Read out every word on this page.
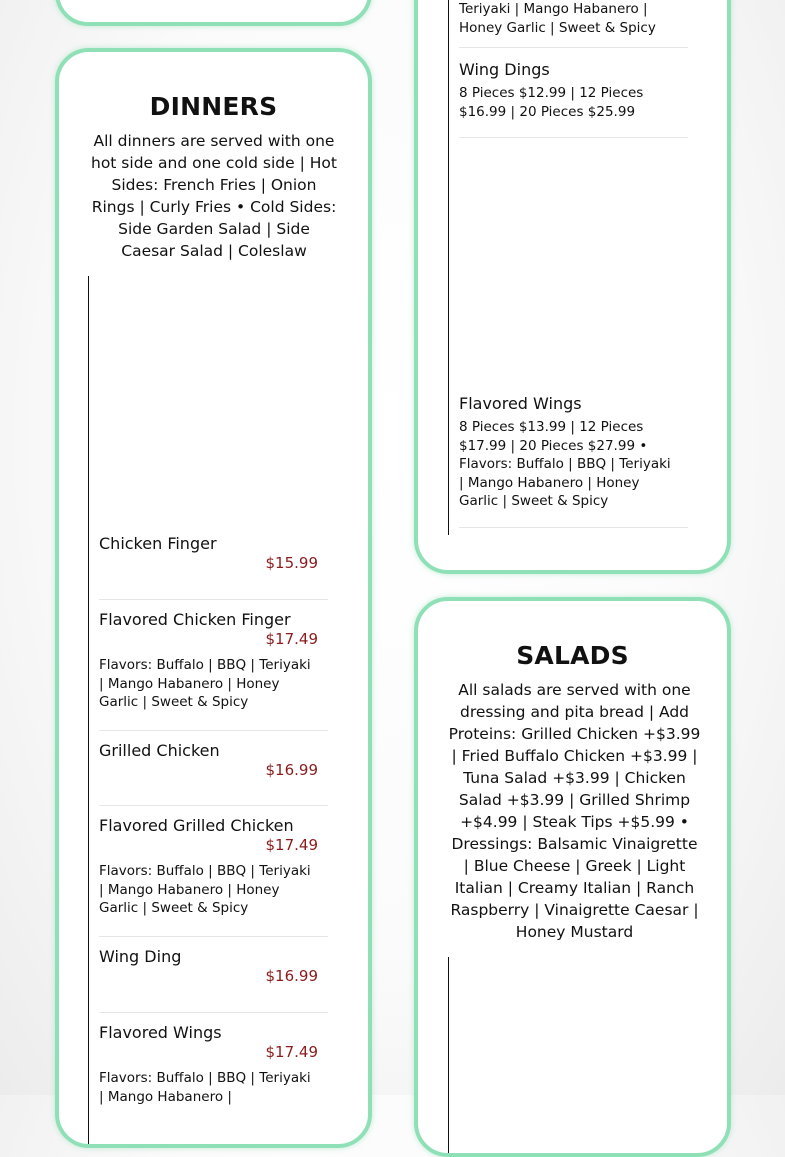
DINNERS

All dinners are served with one hot side and one cold side | Hot Sides: French Fries | Onion Rings | Curly Fries • Cold Sides: Side Garden Salad | Side Caesar Salad | Coleslaw

Chicken Finger
$15.99
Flavored Chicken Finger
$17.49
Flavors: Buffalo | BBQ | Teriyaki | Mango Habanero | Honey Garlic | Sweet & Spicy
Grilled Chicken
$16.99
Flavored Grilled Chicken
$17.49
Flavors: Buffalo | BBQ | Teriyaki | Mango Habanero | Honey Garlic | Sweet & Spicy
Wing Ding
$16.99
Flavored Wings
$17.49
Flavors: Buffalo | BBQ | Teriyaki | Mango Habanero |
Teriyaki | Mango Habanero | Honey Garlic | Sweet & Spicy
Wing Dings
8 Pieces $12.99 | 12 Pieces $16.99 | 20 Pieces $25.99
Flavored Wings
8 Pieces $13.99 | 12 Pieces $17.99 | 20 Pieces $27.99 • Flavors: Buffalo | BBQ | Teriyaki | Mango Habanero | Honey Garlic | Sweet & Spicy
SALADS

All salads are served with one dressing and pita bread | Add Proteins: Grilled Chicken +$3.99 | Fried Buffalo Chicken +$3.99 | Tuna Salad +$3.99 | Chicken Salad +$3.99 | Grilled Shrimp +$4.99 | Steak Tips +$5.99 • Dressings: Balsamic Vinaigrette | Blue Cheese | Greek | Light Italian | Creamy Italian | Ranch Raspberry | Vinaigrette Caesar | Honey Mustard
